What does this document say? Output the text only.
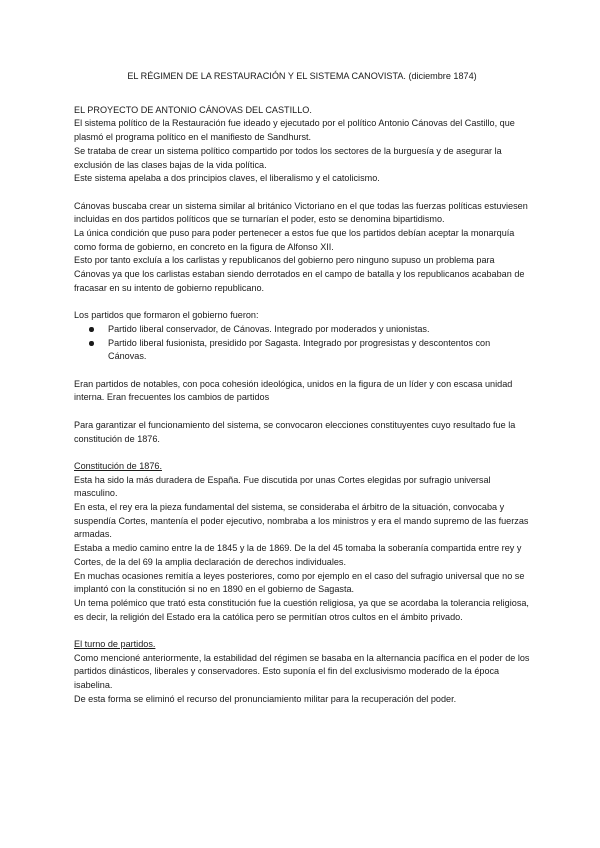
EL RÉGIMEN DE LA RESTAURACIÓN Y EL SISTEMA CANOVISTA. (diciembre 1874)

EL PROYECTO DE ANTONIO CÁNOVAS DEL CASTILLO.

El sistema político de la Restauración fue ideado y ejecutado por el político Antonio Cánovas del Castillo, que plasmó el programa político en el manifiesto de Sandhurst.

Se trataba de crear un sistema político compartido por todos los sectores de la burguesía y de asegurar la exclusión de las clases bajas de la vida política.

Este sistema apelaba a dos principios claves, el liberalismo y el catolicismo.

Cánovas buscaba crear un sistema similar al británico Victoriano en el que todas las fuerzas políticas estuviesen incluidas en dos partidos políticos que se turnarían el poder, esto se denomina bipartidismo.

La única condición que puso para poder pertenecer a estos fue que los partidos debían aceptar la monarquía como forma de gobierno, en concreto en la figura de Alfonso XII.

Esto por tanto excluía a los carlistas y republicanos del gobierno pero ninguno supuso un problema para Cánovas ya que los carlistas estaban siendo derrotados en el campo de batalla y los republicanos acababan de fracasar en su intento de gobierno republicano.

Los partidos que formaron el gobierno fueron:

Partido liberal conservador, de Cánovas. Integrado por moderados y unionistas.
Partido liberal fusionista, presidido por Sagasta. Integrado por progresistas y descontentos con Cánovas.

Eran partidos de notables, con poca cohesión ideológica, unidos en la figura de un líder y con escasa unidad interna. Eran frecuentes los cambios de partidos

Para garantizar el funcionamiento del sistema, se convocaron elecciones constituyentes cuyo resultado fue la constitución de 1876.

Constitución de 1876.

Esta ha sido la más duradera de España. Fue discutida por unas Cortes elegidas por sufragio universal masculino.

En esta, el rey era la pieza fundamental del sistema, se consideraba el árbitro de la situación, convocaba y suspendía Cortes, mantenía el poder ejecutivo, nombraba a los ministros y era el mando supremo de las fuerzas armadas.

Estaba a medio camino entre la de 1845 y la de 1869. De la del 45 tomaba la soberanía compartida entre rey y Cortes, de la del 69 la amplia declaración de derechos individuales.

En muchas ocasiones remitía a leyes posteriores, como por ejemplo en el caso del sufragio universal que no se implantó con la constitución si no en 1890 en el gobierno de Sagasta.

Un tema polémico que trató esta constitución fue la cuestión religiosa, ya que se acordaba la tolerancia religiosa, es decir, la religión del Estado era la católica pero se permitían otros cultos en el ámbito privado.

El turno de partidos.

Como mencioné anteriormente, la estabilidad del régimen se basaba en la alternancia pacífica en el poder de los partidos dinásticos, liberales y conservadores. Esto suponía el fin del exclusivismo moderado de la época isabelina.

De esta forma se eliminó el recurso del pronunciamiento militar para la recuperación del poder.
